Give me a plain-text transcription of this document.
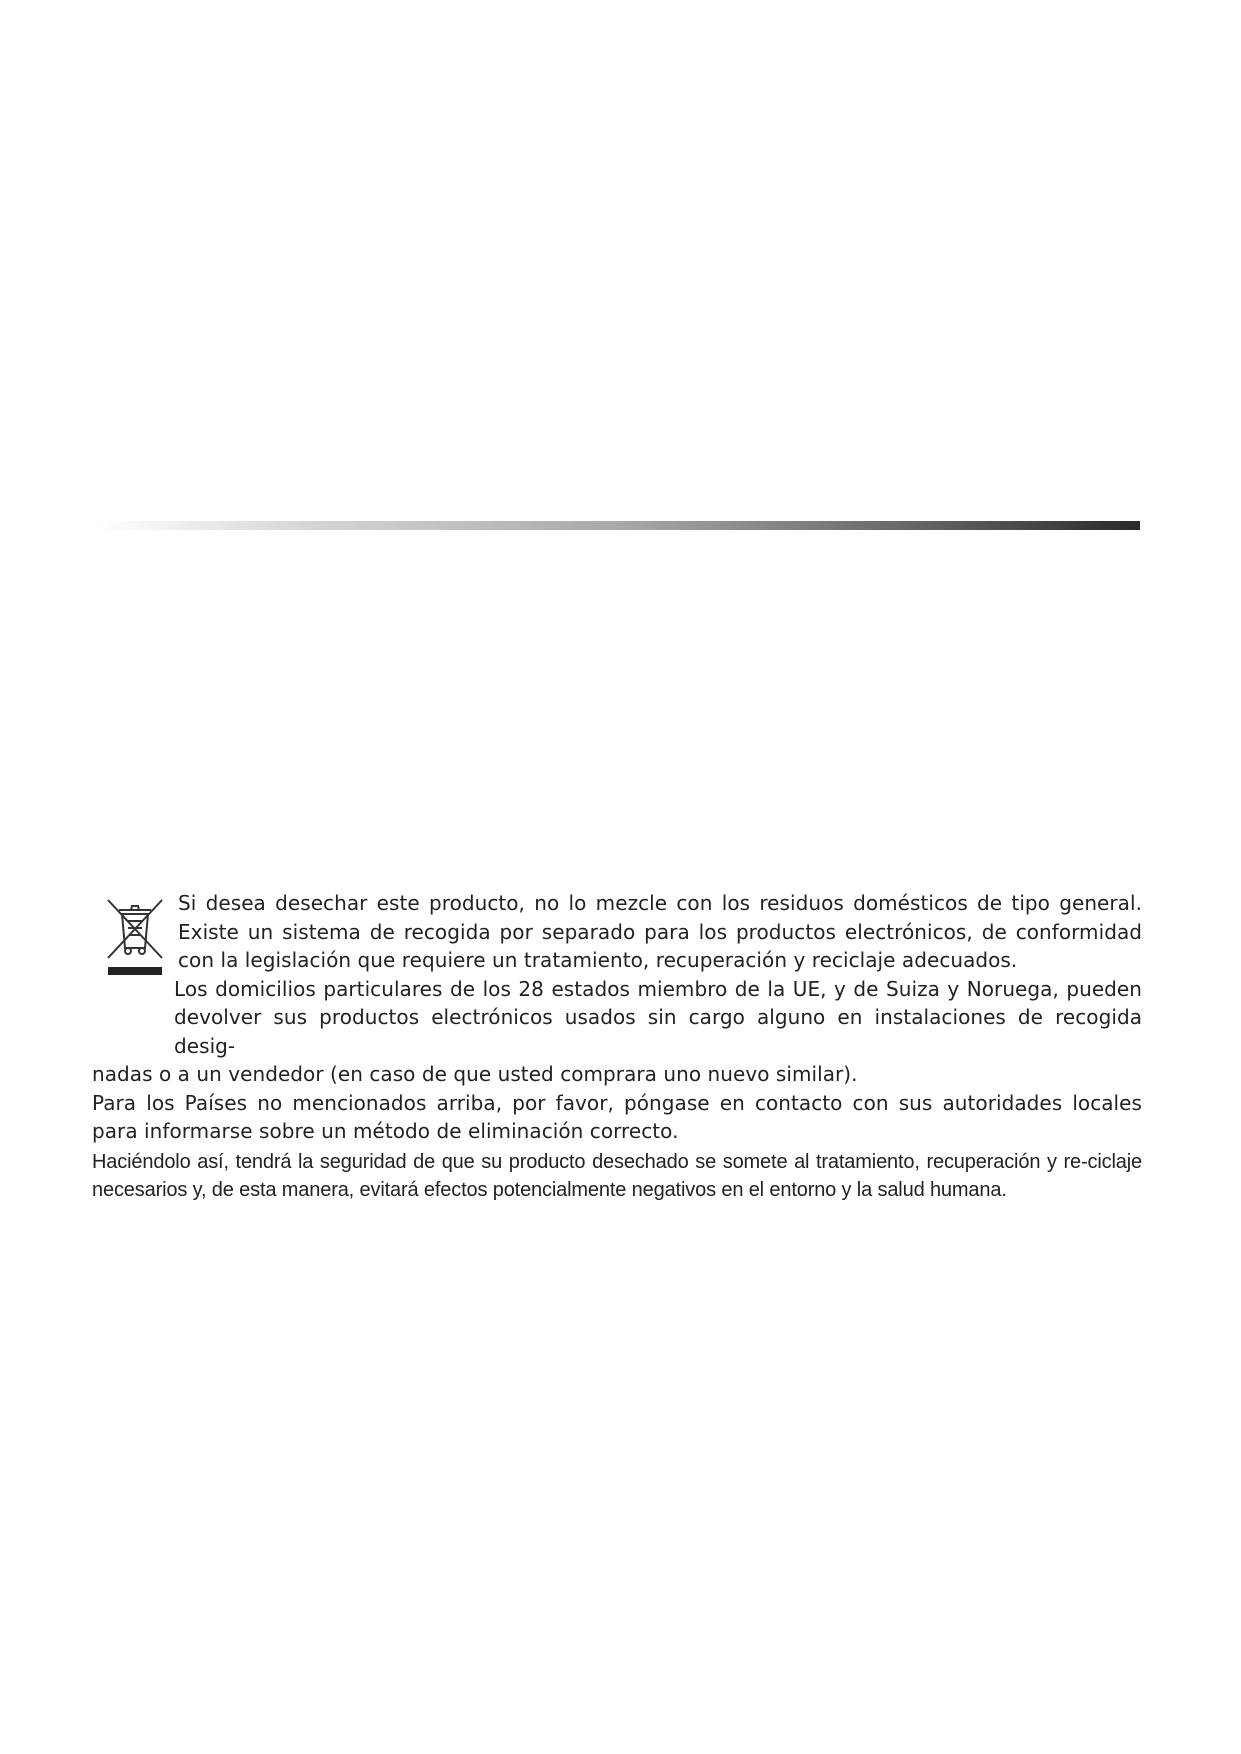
Si desea desechar este producto, no lo mezcle con los residuos domésticos de tipo general. Existe un sistema de recogida por separado para los productos electrónicos, de conformidad con la legislación que requiere un tratamiento, recuperación y reciclaje adecuados.
Los domicilios particulares de los 28 estados miembro de la UE, y de Suiza y Noruega, pueden devolver sus productos electrónicos usados sin cargo alguno en instalaciones de recogida desig-
nadas o a un vendedor (en caso de que usted comprara uno nuevo similar).
Para los Países no mencionados arriba, por favor, póngase en contacto con sus autoridades locales para informarse sobre un método de eliminación correcto.
Haciéndolo así, tendrá la seguridad de que su producto desechado se somete al tratamiento, recuperación y re-ciclaje necesarios y, de esta manera, evitará efectos potencialmente negativos en el entorno y la salud humana.
